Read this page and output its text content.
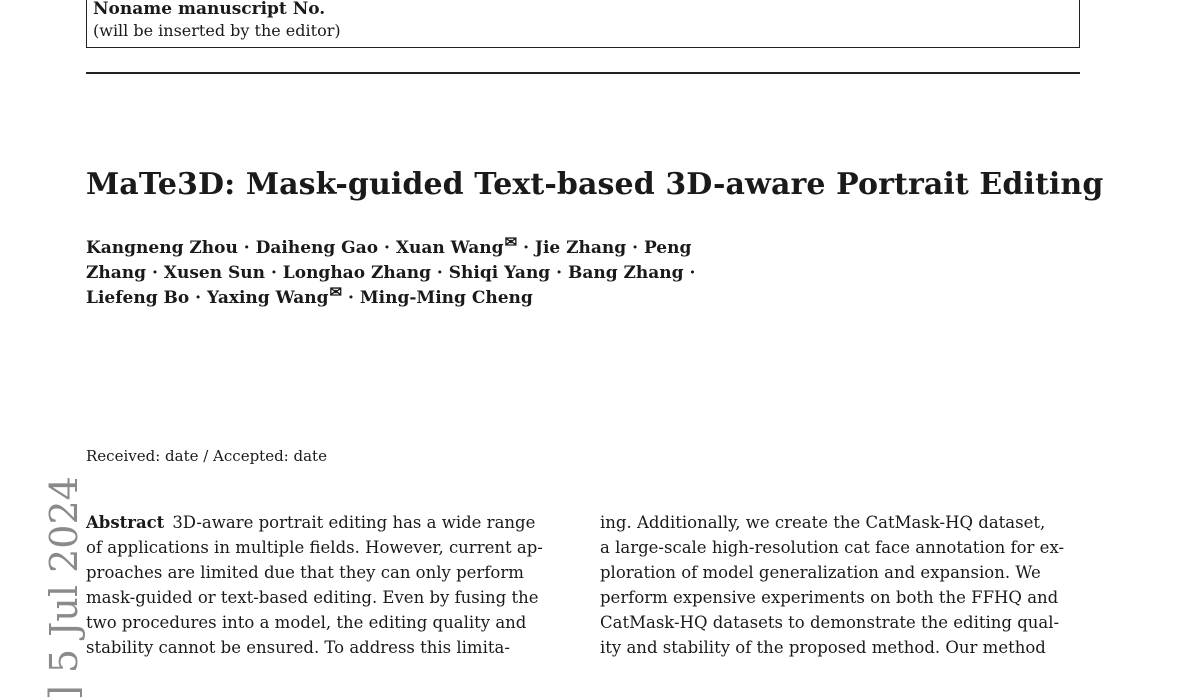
Noname manuscript No.
(will be inserted by the editor)
MaTe3D: Mask-guided Text-based 3D-aware Portrait Editing
Kangneng Zhou · Daiheng Gao · Xuan Wang✉ · Jie Zhang · Peng
Zhang · Xusen Sun · Longhao Zhang · Shiqi Yang · Bang Zhang ·
Liefeng Bo · Yaxing Wang✉ · Ming-Ming Cheng
Received: date / Accepted: date
Abstract 3D-aware portrait editing has a wide range
of applications in multiple fields. However, current ap-
proaches are limited due that they can only perform
mask-guided or text-based editing. Even by fusing the
two procedures into a model, the editing quality and
stability cannot be ensured. To address this limita-
ing. Additionally, we create the CatMask-HQ dataset,
a large-scale high-resolution cat face annotation for ex-
ploration of model generalization and expansion. We
perform expensive experiments on both the FFHQ and
CatMask-HQ datasets to demonstrate the editing qual-
ity and stability of the proposed method. Our method
] 5 Jul 2024
